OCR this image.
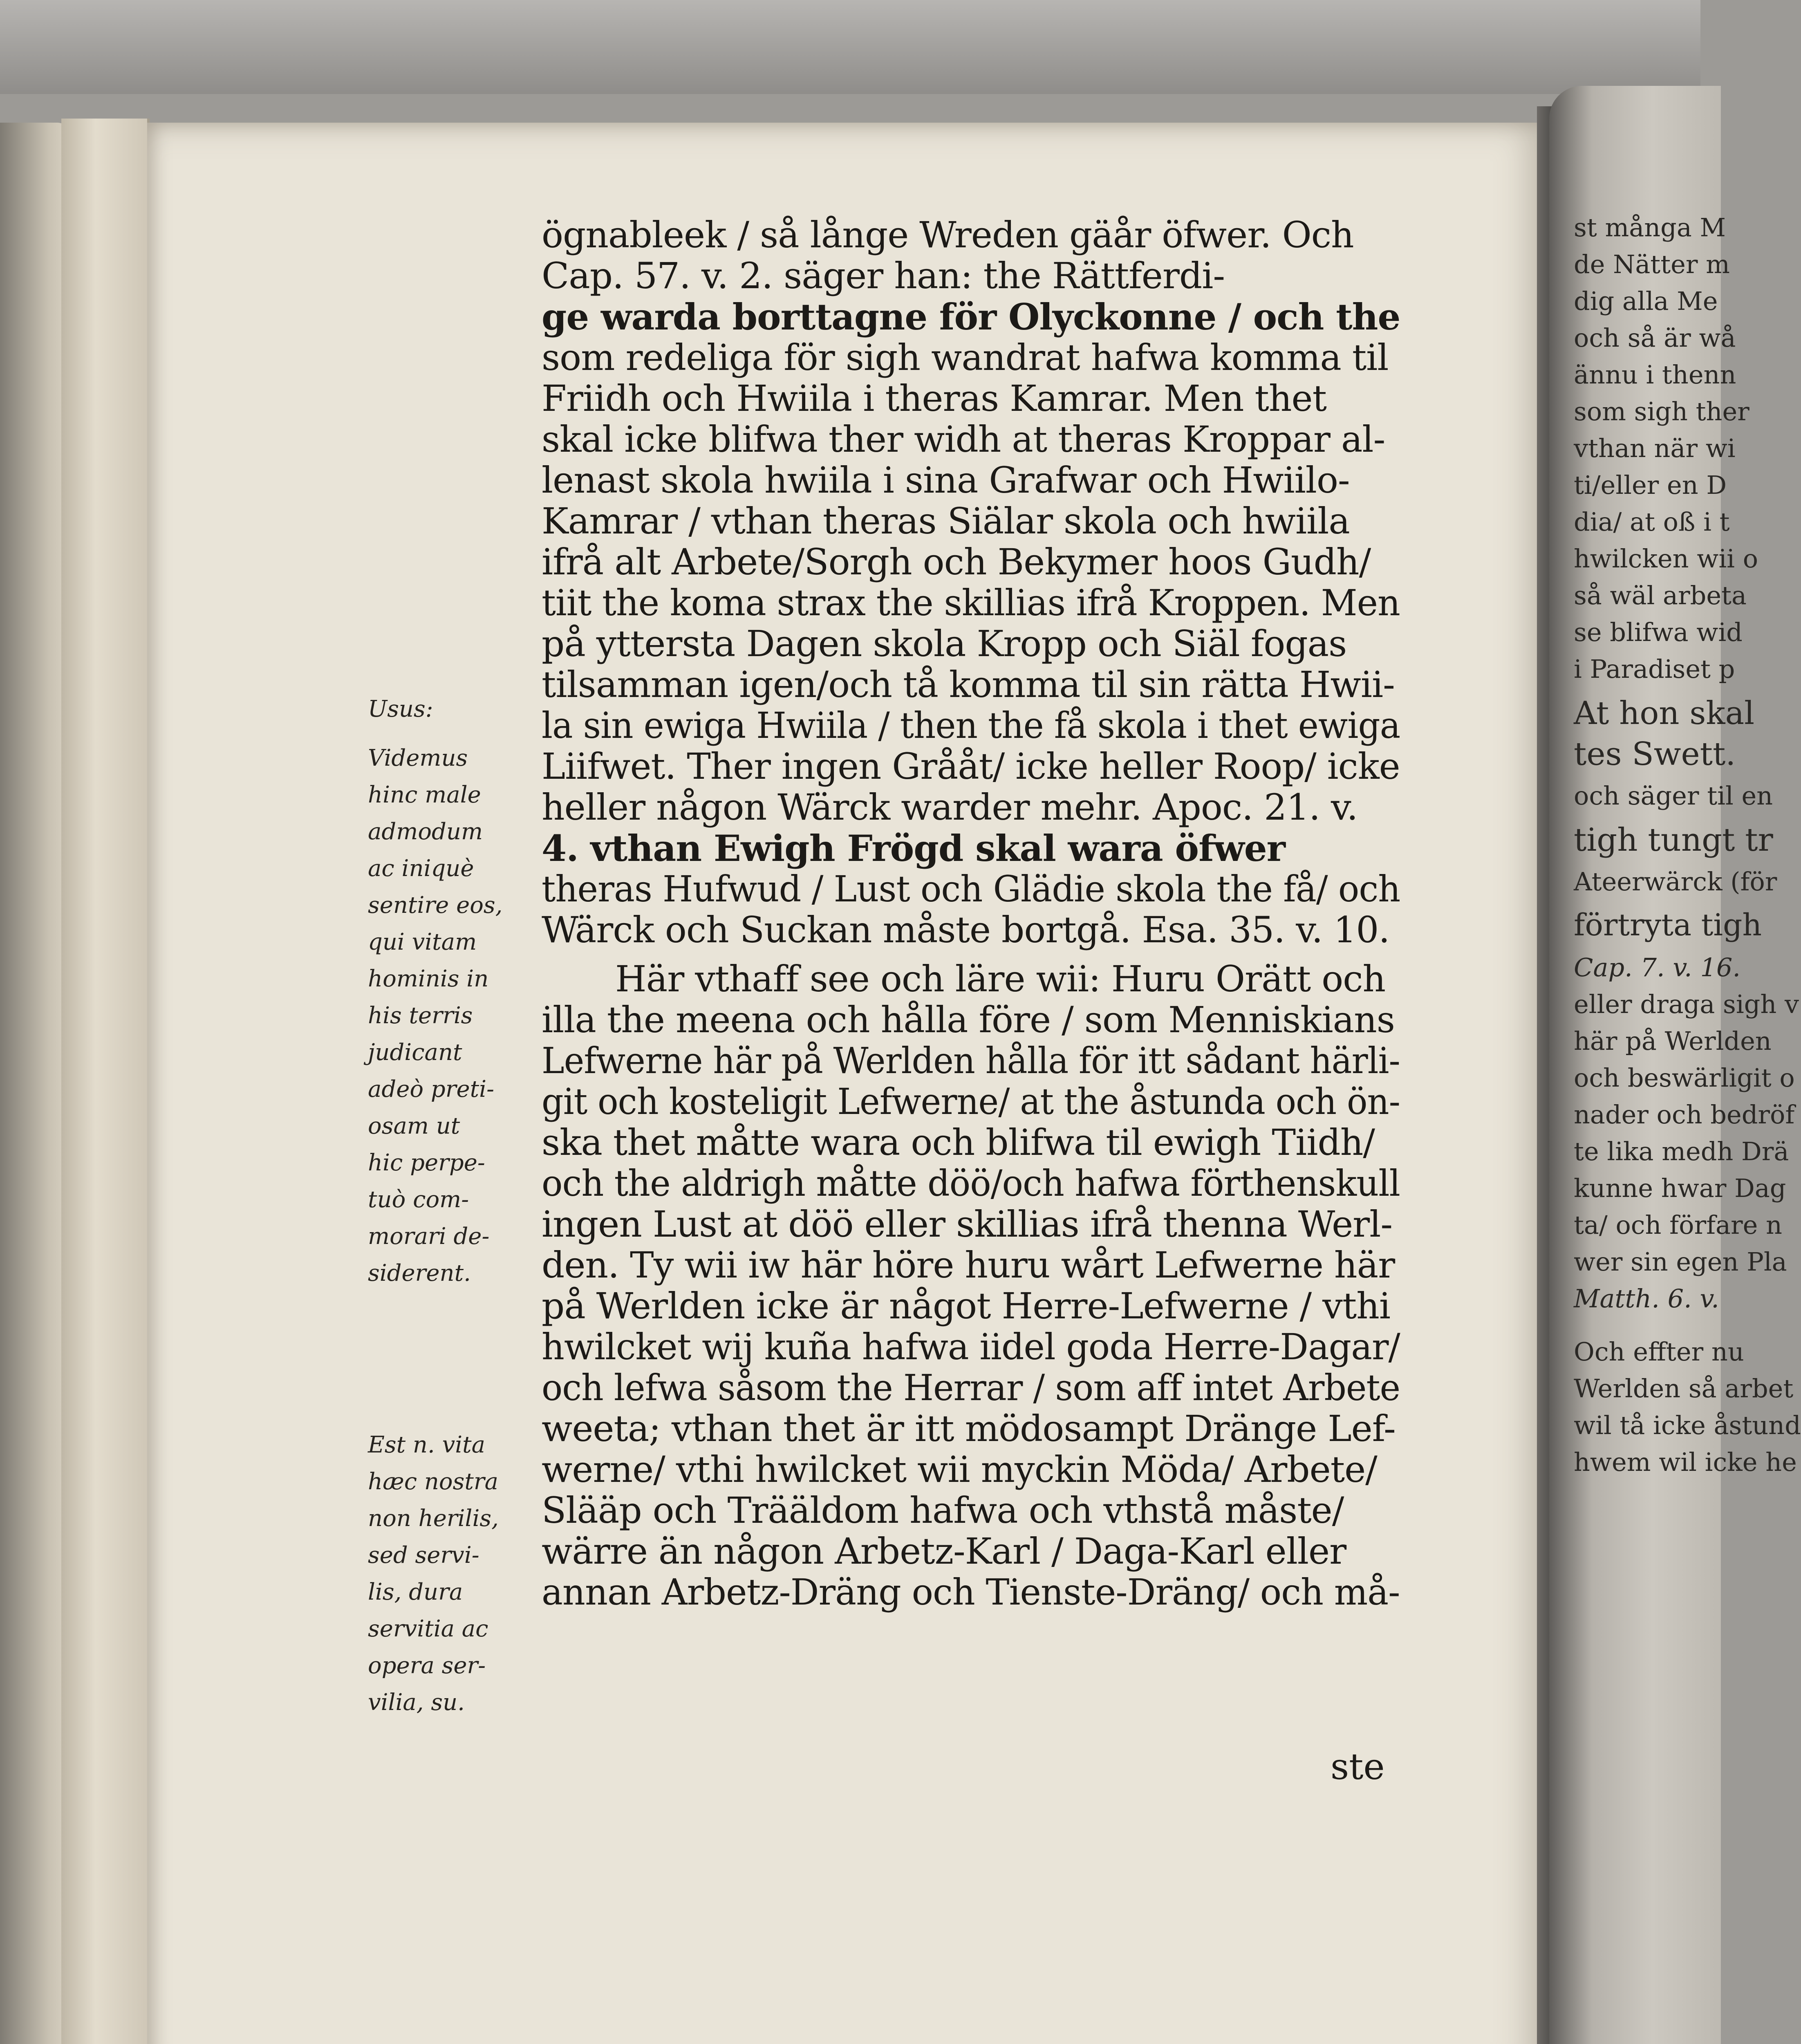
ögnableek / så långe Wreden gäår öfwer. Och
Cap. 57. v. 2. säger han: the Rättferdi-
ge warda borttagne för Olyckonne / och the
som redeliga för sigh wandrat hafwa komma til
Friidh och Hwiila i theras Kamrar. Men thet
skal icke blifwa ther widh at theras Kroppar al-
lenast skola hwiila i sina Grafwar och Hwiilo-
Kamrar / vthan theras Siälar skola och hwiila
ifrå alt Arbete/Sorgh och Bekymer hoos Gudh/
tiit the koma strax the skillias ifrå Kroppen. Men
på yttersta Dagen skola Kropp och Siäl fogas
tilsamman igen/och tå komma til sin rätta Hwii-
la sin ewiga Hwiila / then the få skola i thet ewiga
Liifwet. Ther ingen Grååt/ icke heller Roop/ icke
heller någon Wärck warder mehr. Apoc. 21. v.
4. vthan Ewigh Frögd skal wara öfwer
theras Hufwud / Lust och Glädie skola the få/ och
Wärck och Suckan måste bortgå. Esa. 35. v. 10.
Här vthaff see och läre wii: Huru Orätt och
illa the meena och hålla före / som Menniskians
Lefwerne här på Werlden hålla för itt sådant härli-
git och kosteligit Lefwerne/ at the åstunda och ön-
ska thet måtte wara och blifwa til ewigh Tiidh/
och the aldrigh måtte döö/och hafwa förthenskull
ingen Lust at döö eller skillias ifrå thenna Werl-
den. Ty wii iw här höre huru wårt Lefwerne här
på Werlden icke är något Herre-Lefwerne / vthi
hwilcket wij kuña hafwa iidel goda Herre-Dagar/
och lefwa såsom the Herrar / som aff intet Arbete
weeta; vthan thet är itt mödosampt Dränge Lef-
werne/ vthi hwilcket wii myckin Möda/ Arbete/
Slääp och Trääldom hafwa och vthstå måste/
wärre än någon Arbetz-Karl / Daga-Karl eller
annan Arbetz-Dräng och Tienste-Dräng/ och må-
ste
Usus:
Videmus
hinc male
admodum
ac iniquè
sentire eos,
qui vitam
hominis in
his terris
judicant
adeò preti-
osam ut
hic perpe-
tuò com-
morari de-
siderent.
Est n. vita
hæc nostra
non herilis,
sed servi-
lis, dura
servitia ac
opera ser-
vilia, su.
st många M
de Nätter m
dig alla Me
och så är wå
ännu i thenn
som sigh ther
vthan när wi
ti/eller en D
dia/ at oß i t
hwilcken wii o
så wäl arbeta
se blifwa wid
i Paradiset p
At hon skal
tes Swett.
och säger til en
tigh tungt tr
Ateerwärck (för
förtryta tigh
Cap. 7. v. 16.
eller draga sigh v
här på Werlden
och beswärligit o
nader och bedröf
te lika medh Drä
kunne hwar Dag
ta/ och förfare n
wer sin egen Pla
Matth. 6. v.
Och effter nu
Werlden så arbet
wil tå icke åstund
hwem wil icke he
